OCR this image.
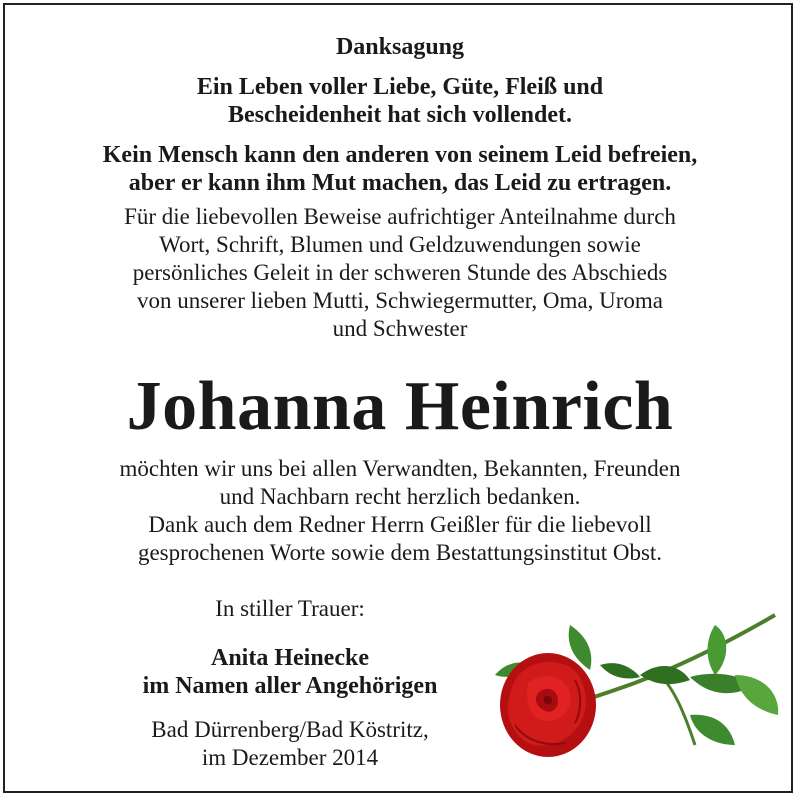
Danksagung
Ein Leben voller Liebe, Güte, Fleiß und
Bescheidenheit hat sich vollendet.
Kein Mensch kann den anderen von seinem Leid befreien,
aber er kann ihm Mut machen, das Leid zu ertragen.
Für die liebevollen Beweise aufrichtiger Anteilnahme durch
Wort, Schrift, Blumen und Geldzuwendungen sowie
persönliches Geleit in der schweren Stunde des Abschieds
von unserer lieben Mutti, Schwiegermutter, Oma, Uroma
und Schwester
Johanna Heinrich
möchten wir uns bei allen Verwandten, Bekannten, Freunden
und Nachbarn recht herzlich bedanken.
Dank auch dem Redner Herrn Geißler für die liebevoll
gesprochenen Worte sowie dem Bestattungsinstitut Obst.
In stiller Trauer:
Anita Heinecke
im Namen aller Angehörigen
Bad Dürrenberg/Bad Köstritz,
im Dezember 2014
